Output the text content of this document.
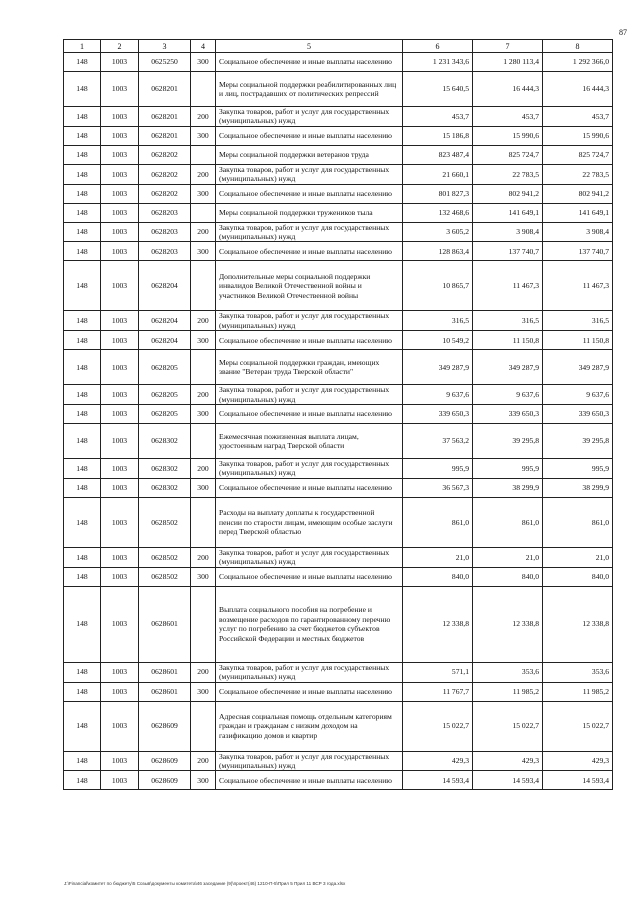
87
1	2	3	4	5	6	7	8
148	1003	0625250	300	Социальное обеспечение и иные выплаты населению	1 231 343,6	1 280 113,4	1 292 366,0
148	1003	0628201		Меры социальной поддержки реабилитированных лиц и лиц, пострадавших от политических репрессий	15 640,5	16 444,3	16 444,3
148	1003	0628201	200	Закупка товаров, работ и услуг для государственных (муниципальных) нужд	453,7	453,7	453,7
148	1003	0628201	300	Социальное обеспечение и иные выплаты населению	15 186,8	15 990,6	15 990,6
148	1003	0628202		Меры социальной поддержки ветеранов труда	823 487,4	825 724,7	825 724,7
148	1003	0628202	200	Закупка товаров, работ и услуг для государственных (муниципальных) нужд	21 660,1	22 783,5	22 783,5
148	1003	0628202	300	Социальное обеспечение и иные выплаты населению	801 827,3	802 941,2	802 941,2
148	1003	0628203		Меры социальной поддержки тружеников тыла	132 468,6	141 649,1	141 649,1
148	1003	0628203	200	Закупка товаров, работ и услуг для государственных (муниципальных) нужд	3 605,2	3 908,4	3 908,4
148	1003	0628203	300	Социальное обеспечение и иные выплаты населению	128 863,4	137 740,7	137 740,7
148	1003	0628204		Дополнительные меры социальной поддержки инвалидов Великой Отечественной войны и участников Великой Отечественной войны	10 865,7	11 467,3	11 467,3
148	1003	0628204	200	Закупка товаров, работ и услуг для государственных (муниципальных) нужд	316,5	316,5	316,5
148	1003	0628204	300	Социальное обеспечение и иные выплаты населению	10 549,2	11 150,8	11 150,8
148	1003	0628205		Меры социальной поддержки граждан, имеющих звание "Ветеран труда Тверской области"	349 287,9	349 287,9	349 287,9
148	1003	0628205	200	Закупка товаров, работ и услуг для государственных (муниципальных) нужд	9 637,6	9 637,6	9 637,6
148	1003	0628205	300	Социальное обеспечение и иные выплаты населению	339 650,3	339 650,3	339 650,3
148	1003	0628302		Ежемесячная пожизненная выплата лицам, удостоенным наград Тверской области	37 563,2	39 295,8	39 295,8
148	1003	0628302	200	Закупка товаров, работ и услуг для государственных (муниципальных) нужд	995,9	995,9	995,9
148	1003	0628302	300	Социальное обеспечение и иные выплаты населению	36 567,3	38 299,9	38 299,9
148	1003	0628502		Расходы на выплату доплаты к государственной пенсии по старости лицам, имеющим особые заслуги перед Тверской областью	861,0	861,0	861,0
148	1003	0628502	200	Закупка товаров, работ и услуг для государственных (муниципальных) нужд	21,0	21,0	21,0
148	1003	0628502	300	Социальное обеспечение и иные выплаты населению	840,0	840,0	840,0
148	1003	0628601		Выплата социального пособия на погребение и возмещение расходов по гарантированному перечню услуг по погребению за счет бюджетов субъектов Российской Федерации и местных бюджетов	12 338,8	12 338,8	12 338,8
148	1003	0628601	200	Закупка товаров, работ и услуг для государственных (муниципальных) нужд	571,1	353,6	353,6
148	1003	0628601	300	Социальное обеспечение и иные выплаты населению	11 767,7	11 985,2	11 985,2
148	1003	0628609		Адресная социальная помощь отдельным категориям граждан и гражданам с низким доходом на газификацию домов и квартир	15 022,7	15 022,7	15 022,7
148	1003	0628609	200	Закупка товаров, работ и услуг для государственных (муниципальных) нужд	429,3	429,3	429,3
148	1003	0628609	300	Социальное обеспечение и иные выплаты населению	14 593,4	14 593,4	14 593,4
J:\Financial\комитет по бюджету\5 Созыв\документы комитета\46 заседание (9)\проект(46) 1210-П-5\Прил 5 Прил 11 ВСР 3 года.xlsx
